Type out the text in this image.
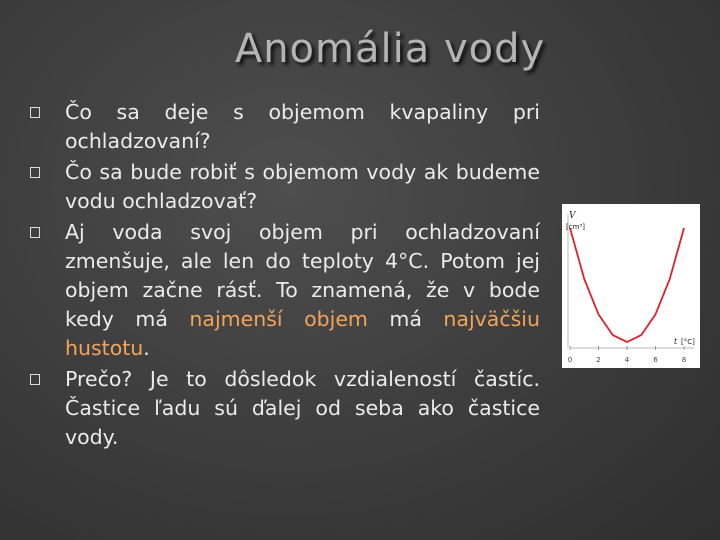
Anomália vody
Čo sa deje s objemom kvapaliny pri ochladzovaní?
Čo sa bude robiť s objemom vody ak budeme vodu ochladzovať?
Aj voda svoj objem pri ochladzovaní zmenšuje, ale len do teploty 4°C. Potom jej objem začne rásť. To znamená, že v bode kedy má najmenší objem má najväčšiu hustotu.
Prečo? Je to dôsledok vzdialeností častíc. Častice ľadu sú ďalej od seba ako častice vody.
0	2	4	6	8
V
[cm³]
t [°C]
